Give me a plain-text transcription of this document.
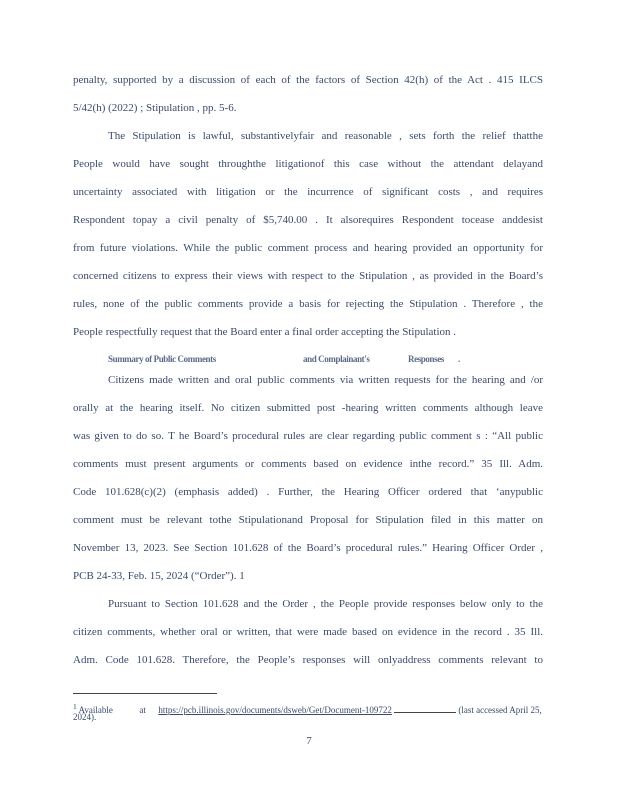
penalty, supported by a discussion of each of the factors of Section 42(h) of the Act . 415 ILCS
5/42(h) (2022) ; Stipulation , pp. 5-6.
The Stipulation is lawful, substantivelyfair and reasonable , sets forth the relief thatthe
People would have sought throughthe litigationof this case without the attendant delayand
uncertainty associated with litigation or the incurrence of significant costs , and requires
Respondent topay a civil penalty of $5,740.00 . It alsorequires Respondent tocease anddesist
from future violations. While the public comment process and hearing provided an opportunity for
concerned citizens to express their views with respect to the Stipulation , as provided in the Board’s
rules, none of the public comments provide a basis for rejecting the Stipulation . Therefore , the
People respectfully request that the Board enter a final order accepting the Stipulation .
Summary of Public Comments	and Complainant's	Responses .
Citizens made written and oral public comments via written requests for the hearing and /or
orally at the hearing itself. No citizen submitted post -hearing written comments although leave
was given to do so. T he Board’s procedural rules are clear regarding public comment s : “All public
comments must present arguments or comments based on evidence inthe record.” 35 Ill. Adm.
Code 101.628(c)(2) (emphasis added) . Further, the Hearing Officer ordered that ‘anypublic
comment must be relevant tothe Stipulationand Proposal for Stipulation filed in this matter on
November 13, 2023. See Section 101.628 of the Board’s procedural rules.” Hearing Officer Order ,
PCB 24-33, Feb. 15, 2024 (“Order”). 1
Pursuant to Section 101.628 and the Order , the People provide responses below only to the
citizen comments, whether oral or written, that were made based on evidence in the record . 35 Ill.
Adm. Code 101.628. Therefore, the People’s responses will onlyaddress comments relevant to
$^1$ Available	at https://pcb.illinois.gov/documents/dsweb/Get/Document-109722	(last accessed April 25,
2024).
7
